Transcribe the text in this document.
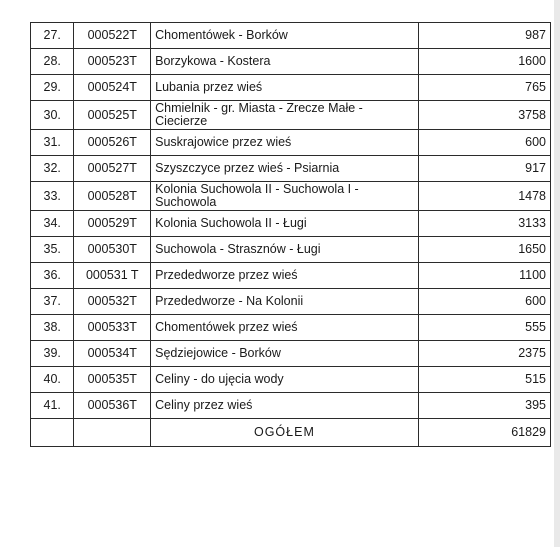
27.	000522T	Chomentówek - Borków	987
28.	000523T	Borzykowa - Kostera	1600
29.	000524T	Lubania przez wieś	765
30.	000525T	Chmielnik - gr. Miasta - Zrecze Małe - Ciecierze	3758
31.	000526T	Suskrajowice przez wieś	600
32.	000527T	Szyszczyce przez wieś - Psiarnia	917
33.	000528T	Kolonia Suchowola II - Suchowola I - Suchowola	1478
34.	000529T	Kolonia Suchowola II - Ługi	3133
35.	000530T	Suchowola - Strasznów - Ługi	1650
36.	000531 T	Przededworze przez wieś	1100
37.	000532T	Przededworze - Na Kolonii	600
38.	000533T	Chomentówek przez wieś	555
39.	000534T	Sędziejowice - Borków	2375
40.	000535T	Celiny - do ujęcia wody	515
41.	000536T	Celiny przez wieś	395
		OGÓŁEM	61829
